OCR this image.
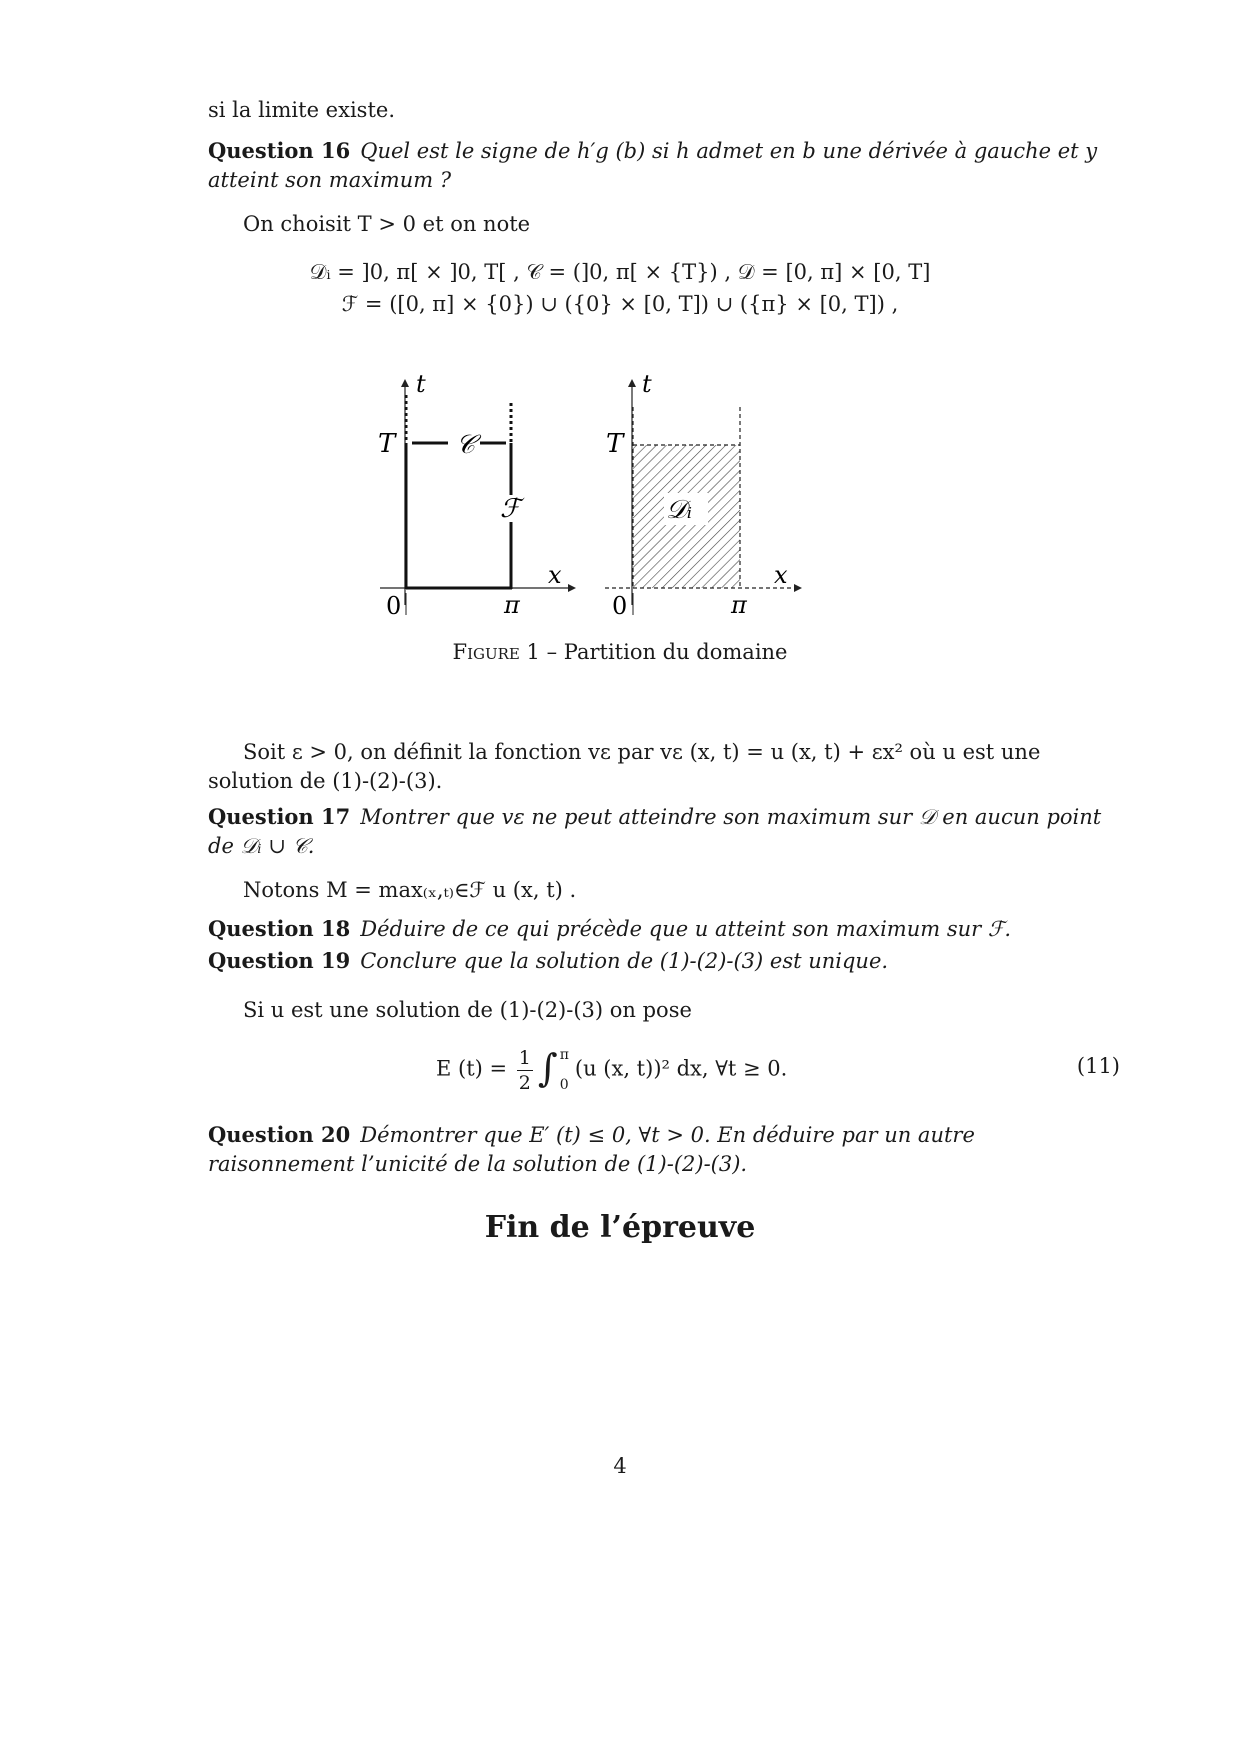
si la limite existe.
Question 16 Quel est le signe de h′g (b) si h admet en b une dérivée à gauche et y atteint son maximum ?
On choisit T > 0 et on note
𝒟ᵢ = ]0, π[ × ]0, T[ , 𝒞 = (]0, π[ × {T}) , 𝒟 = [0, π] × [0, T]
ℱ = ([0, π] × {0}) ∪ ({0} × [0, T]) ∪ ({π} × [0, T]) ,
t
T 𝒞
ℱ
x
0	π
t
T
𝒟ᵢ
x
0	π
Figure 1 – Partition du domaine
Soit ε > 0, on définit la fonction vε par vε (x, t) = u (x, t) + εx² où u est une solution de (1)-(2)-(3).
Question 17 Montrer que vε ne peut atteindre son maximum sur 𝒟 en aucun point de 𝒟ᵢ ∪ 𝒞.
Notons M = max₍ₓ,ₜ₎∈ℱ u (x, t) .
Question 18 Déduire de ce qui précède que u atteint son maximum sur ℱ.
Question 19 Conclure que la solution de (1)-(2)-(3) est unique.
Si u est une solution de (1)-(2)-(3) on pose
E $(t) = \frac{1}{2}$ ∫ π
0
(u (x, t))² dx, ∀t ≥ 0.	(11)
Question 20 Démontrer que E′ (t) ≤ 0, ∀t > 0. En déduire par un autre raisonnement l’unicité de la solution de (1)-(2)-(3).
Fin de l’épreuve
4
